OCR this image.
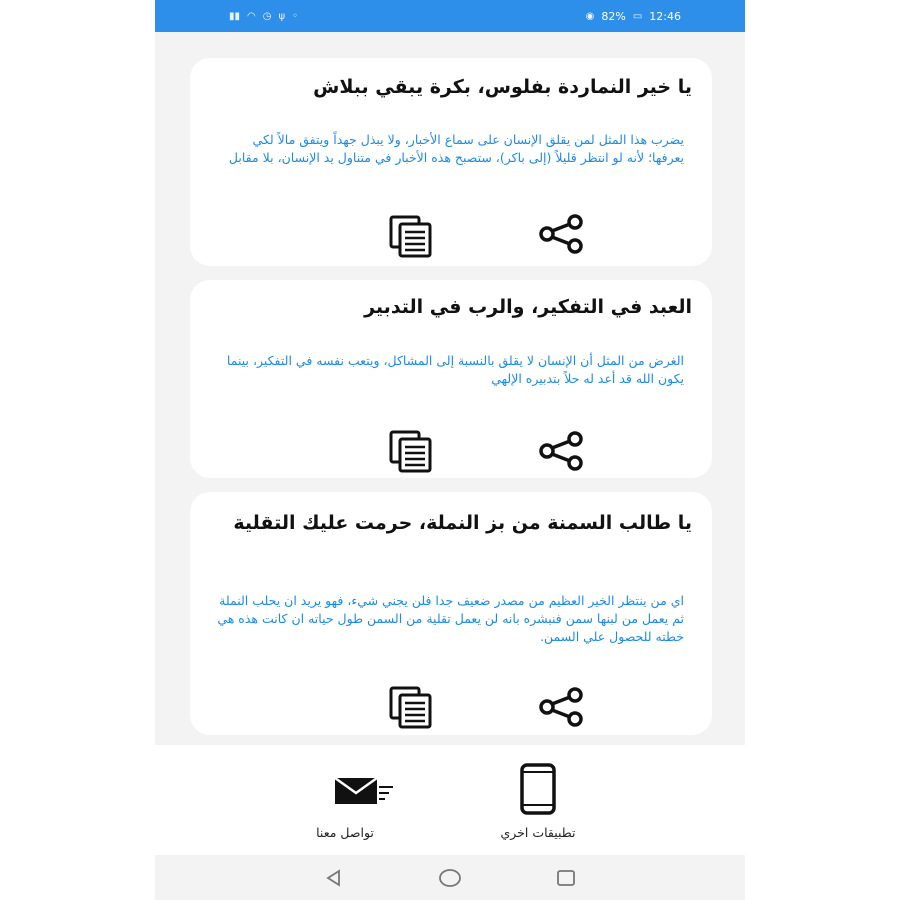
▮▮ ◠ ◷ ψ ◦	◉ 82% ▭ 12:46
يا خير النماردة بفلوس، بكرة يبقي ببلاش
يضرب هذا المثل لمن يقلق الإنسان على سماع الأخبار، ولا يبذل جهداً ويتفق مالاً لكي يعرفها؛ لأنه لو انتظر قليلاً (إلى باكر)، ستصبح هذه الأخبار في متناول يد الإنسان، بلا مقابل
العبد في التفكير، والرب في التدبير
الغرض من المثل أن الإنسان لا يقلق بالنسبة إلى المشاكل، ويتعب نفسه في التفكير، بينما يكون الله قد أعد له حلاً بتدبيره الإلهي
يا طالب السمنة من بز النملة، حرمت عليك التقلية
اي من ينتظر الخير العظيم من مصدر ضعيف جدا فلن يجني شيء، فهو يريد ان يحلب النملة ثم يعمل من لبنها سمن فنبشره بانه لن يعمل تقلية من السمن طول حياته ان كانت هذه هي خطته للحصول علي السمن.
تواصل معنا	تطبيقات اخري
